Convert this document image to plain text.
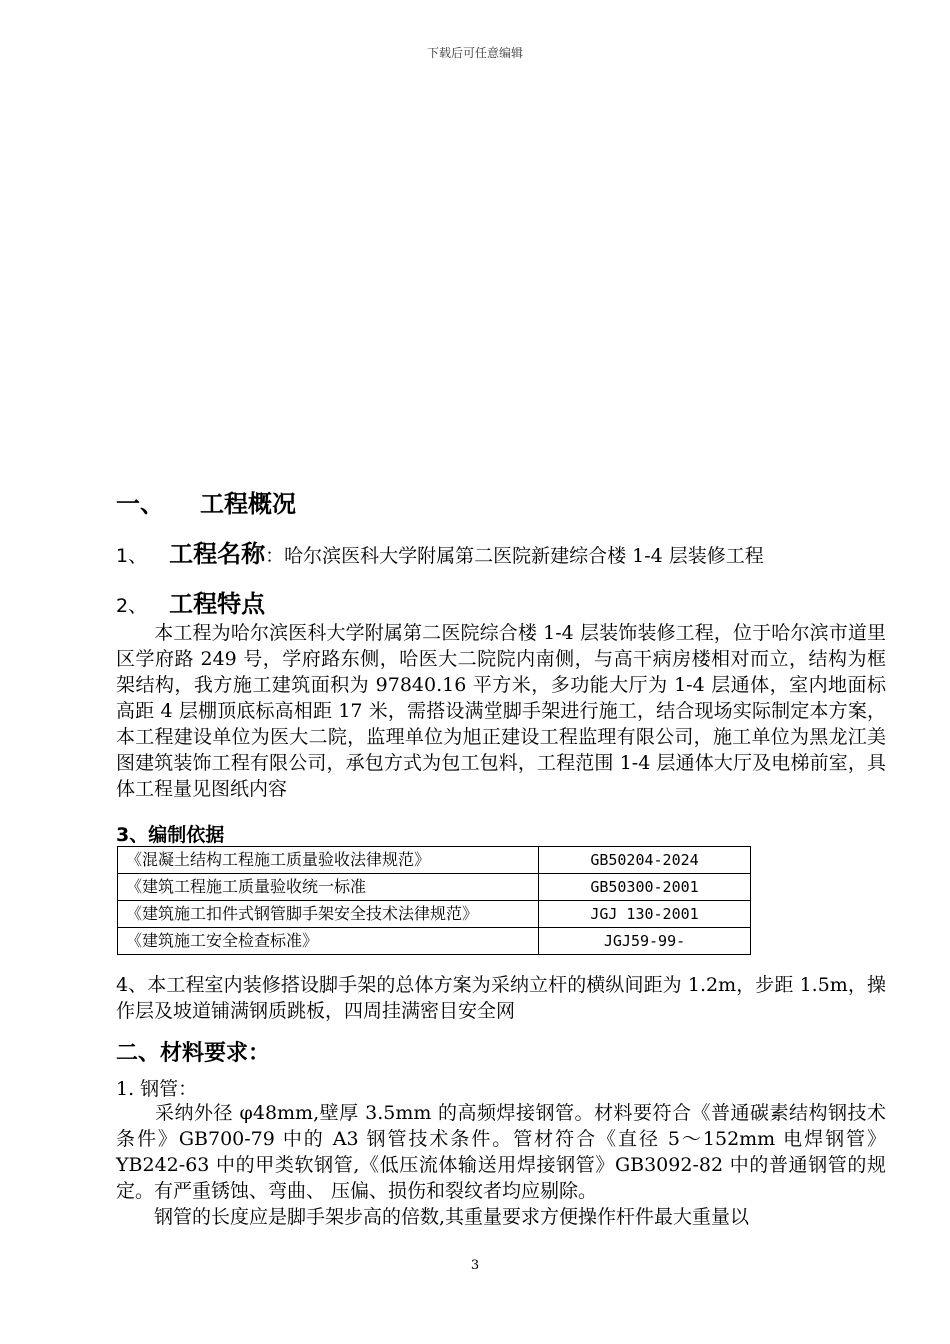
下载后可任意编辑
一、 工程概况
1、 工程名称：哈尔滨医科大学附属第二医院新建综合楼 1-4 层装修工程
2、 工程特点
　　本工程为哈尔滨医科大学附属第二医院综合楼 1-4 层装饰装修工程，位于哈尔滨市道里区学府路 249 号，学府路东侧，哈医大二院院内南侧，与高干病房楼相对而立，结构为框架结构，我方施工建筑面积为 97840.16 平方米，多功能大厅为 1-4 层通体，室内地面标高距 4 层棚顶底标高相距 17 米，需搭设满堂脚手架进行施工，结合现场实际制定本方案，本工程建设单位为医大二院，监理单位为旭正建设工程监理有限公司，施工单位为黑龙江美图建筑装饰工程有限公司，承包方式为包工包料，工程范围 1-4 层通体大厅及电梯前室，具体工程量见图纸内容
3、编制依据
《混凝土结构工程施工质量验收法律规范》	GB50204-2024
《建筑工程施工质量验收统一标准	GB50300-2001
《建筑施工扣件式钢管脚手架安全技术法律规范》	JGJ 130-2001
《建筑施工安全检查标准》	JGJ59-99-
4、本工程室内装修搭设脚手架的总体方案为采纳立杆的横纵间距为 1.2m，步距 1.5m，操作层及坡道铺满钢质跳板，四周挂满密目安全网
二、材料要求：
1. 钢管：
　　采纳外径 φ48mm,壁厚 3.5mm 的高频焊接钢管。材料要符合《普通碳素结构钢技术条件》GB700-79 中的 A3 钢管技术条件。管材符合《直径 5～152mm 电焊钢管》YB242-63 中的甲类软钢管,《低压流体输送用焊接钢管》GB3092-82 中的普通钢管的规定。有严重锈蚀、弯曲、 压偏、损伤和裂纹者均应剔除。
　　钢管的长度应是脚手架步高的倍数,其重量要求方便操作杆件最大重量以
3
